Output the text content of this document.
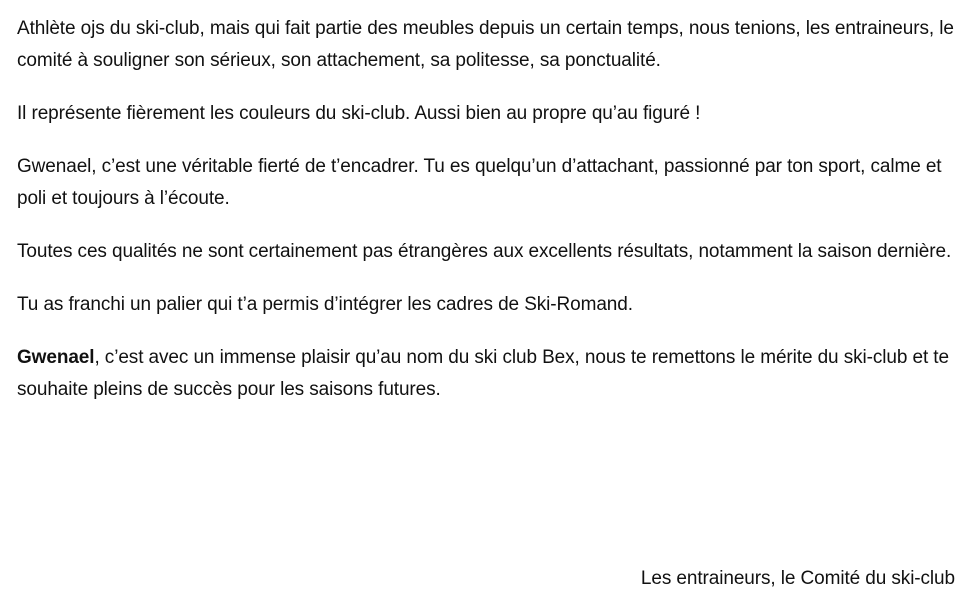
Athlète ojs du ski-club, mais qui fait partie des meubles depuis un certain temps, nous tenions, les entraineurs, le comité à souligner son sérieux, son attachement, sa politesse, sa ponctualité.

Il représente fièrement les couleurs du ski-club. Aussi bien au propre qu’au figuré !

Gwenael, c’est une véritable fierté de t’encadrer. Tu es quelqu’un d’attachant, passionné par ton sport, calme et poli et toujours à l’écoute.

Toutes ces qualités ne sont certainement pas étrangères aux excellents résultats, notamment la saison dernière.

Tu as franchi un palier qui t’a permis d’intégrer les cadres de Ski-Romand.

Gwenael, c’est avec un immense plaisir qu’au nom du ski club Bex, nous te remettons le mérite du ski-club et te souhaite pleins de succès pour les saisons futures.

Les entraineurs, le Comité du ski-club
